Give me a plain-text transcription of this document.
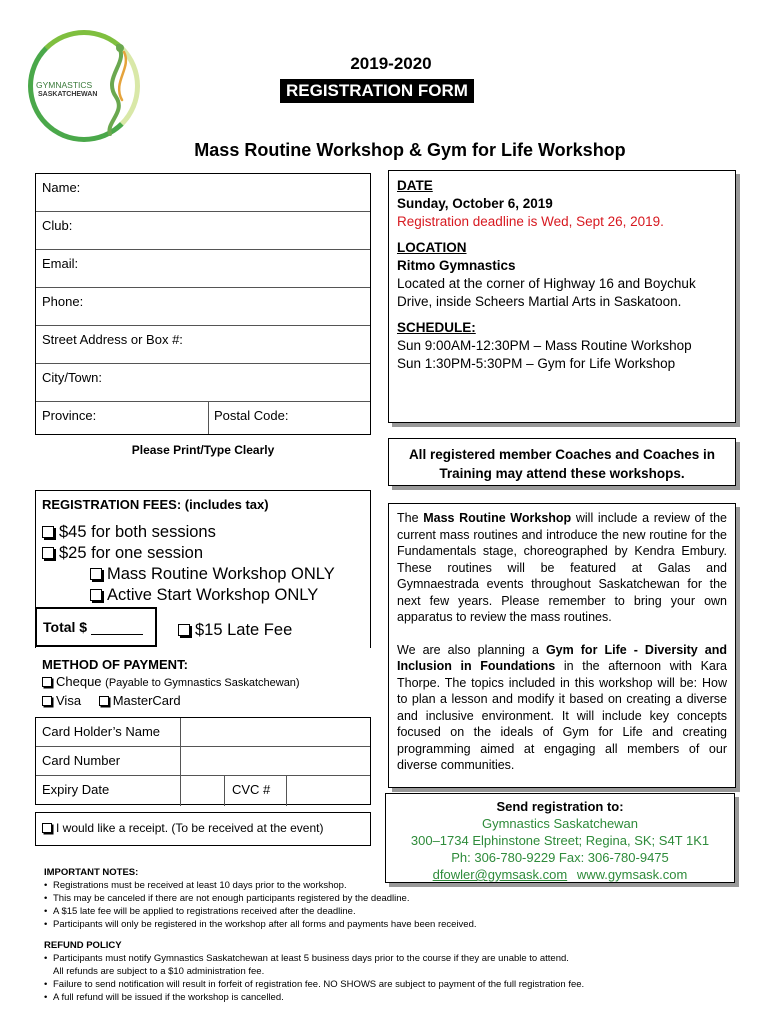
GYMNASTICS
SASKATCHEWAN
2019-2020
REGISTRATION FORM
Mass Routine Workshop & Gym for Life Workshop
Name:
Club:
Email:
Phone:
Street Address or Box #:
City/Town:
Province:	Postal Code:
Please Print/Type Clearly
DATE
Sunday, October 6, 2019
Registration deadline is Wed, Sept 26, 2019.
LOCATION
Ritmo Gymnastics
Located at the corner of Highway 16 and Boychuk Drive, inside Scheers Martial Arts in Saskatoon.
SCHEDULE:
Sun 9:00AM-12:30PM – Mass Routine Workshop
Sun 1:30PM-5:30PM – Gym for Life Workshop
All registered member Coaches and Coaches in Training may attend these workshops.
REGISTRATION FEES: (includes tax)
$45 for both sessions
$25 for one session
Mass Routine Workshop ONLY
Active Start Workshop ONLY
Total $	$15 Late Fee
METHOD OF PAYMENT:
Cheque (Payable to Gymnastics Saskatchewan)
Visa MasterCard
Card Holder’s Name
Card Number
Expiry Date	CVC #
I would like a receipt. (To be received at the event)

The Mass Routine Workshop will include a review of the current mass routines and introduce the new routine for the Fundamentals stage, choreographed by Kendra Embury. These routines will be featured at Galas and Gymnaestrada events throughout Saskatchewan for the next few years. Please remember to bring your own apparatus to review the mass routines.

We are also planning a Gym for Life - Diversity and Inclusion in Foundations in the afternoon with Kara Thorpe. The topics included in this workshop will be: How to plan a lesson and modify it based on creating a diverse and inclusive environment. It will include key concepts focused on the ideals of Gym for Life and creating programming aimed at engaging all members of our diverse communities.

Send registration to:
Gymnastics Saskatchewan
300–1734 Elphinstone Street; Regina, SK; S4T 1K1
Ph: 306-780-9229 Fax: 306-780-9475
dfowler@gymsask.com www.gymsask.com
IMPORTANT NOTES:
• Registrations must be received at least 10 days prior to the workshop.
• This may be canceled if there are not enough participants registered by the deadline.
• A $15 late fee will be applied to registrations received after the deadline.
• Participants will only be registered in the workshop after all forms and payments have been received.
REFUND POLICY
• Participants must notify Gymnastics Saskatchewan at least 5 business days prior to the course if they are unable to attend.
All refunds are subject to a $10 administration fee.
• Failure to send notification will result in forfeit of registration fee. NO SHOWS are subject to payment of the full registration fee.
• A full refund will be issued if the workshop is cancelled.
